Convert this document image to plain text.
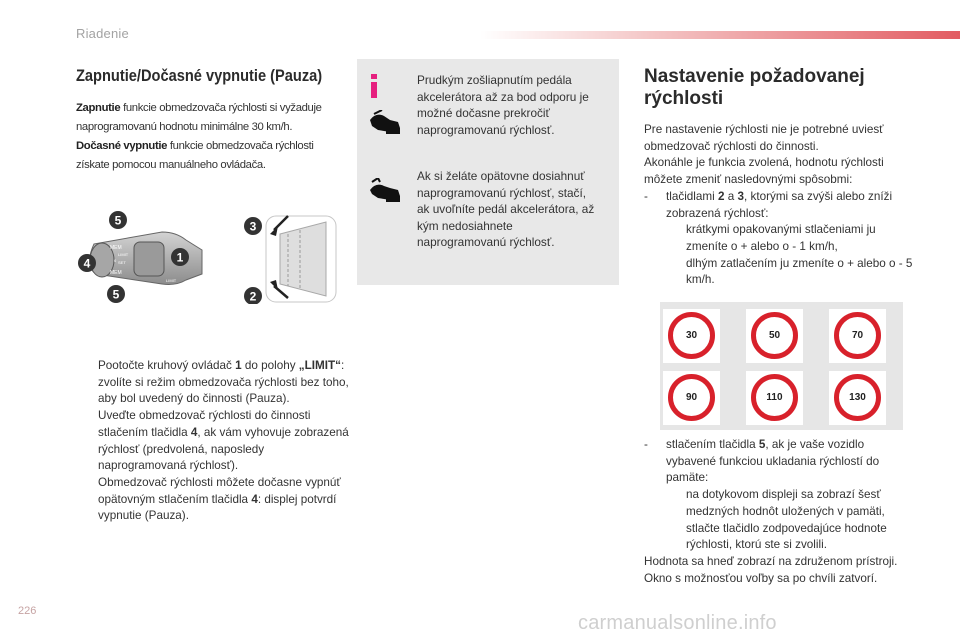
Riadenie
Zapnutie/Dočasné vypnutie (Pauza)
Zapnutie funkcie obmedzovača rýchlosti si vyžaduje naprogramovanú hodnotu minimálne 30 km/h.
Dočasné vypnutie funkcie obmedzovača rýchlosti získate pomocou manuálneho ovládača.
MEM
LIMIT
MEM
SET
0
LIMIT
5
4
5
1
3
2
Pootočte kruhový ovládač 1 do polohy „LIMIT“: zvolíte si režim obmedzovača rýchlosti bez toho, aby bol uvedený do činnosti (Pauza).
Uveďte obmedzovač rýchlosti do činnosti stlačením tlačidla 4, ak vám vyhovuje zobrazená rýchlosť (predvolená, naposledy naprogramovaná rýchlosť).
Obmedzovač rýchlosti môžete dočasne vypnúť opätovným stlačením tlačidla 4: displej potvrdí vypnutie (Pauza).
Prudkým zošliapnutím pedála akcelerátora až za bod odporu je možné dočasne prekročiť naprogramovanú rýchlosť.
Ak si želáte opätovne dosiahnuť naprogramovanú rýchlosť, stačí, ak uvoľníte pedál akcelerátora, až kým nedosiahnete naprogramovanú rýchlosť.
Nastavenie požadovanej rýchlosti
Pre nastavenie rýchlosti nie je potrebné uviesť obmedzovač rýchlosti do činnosti.
Akonáhle je funkcia zvolená, hodnotu rýchlosti môžete zmeniť nasledovnými spôsobmi:
-	tlačidlami 2 a 3, ktorými sa zvýši alebo zníži zobrazená rýchlosť:
krátkymi opakovanými stlačeniami ju zmeníte o + alebo o - 1 km/h,
dlhým zatlačením ju zmeníte o + alebo o - 5 km/h.
30	50	70
90	110	130
-	stlačením tlačidla 5, ak je vaše vozidlo vybavené funkciou ukladania rýchlostí do pamäte:
na dotykovom displeji sa zobrazí šesť medzných hodnôt uložených v pamäti,
stlačte tlačidlo zodpovedajúce hodnote rýchlosti, ktorú ste si zvolili.
Hodnota sa hneď zobrazí na združenom prístroji.
Okno s možnosťou voľby sa po chvíli zatvorí.
226
carmanualsonline.info
